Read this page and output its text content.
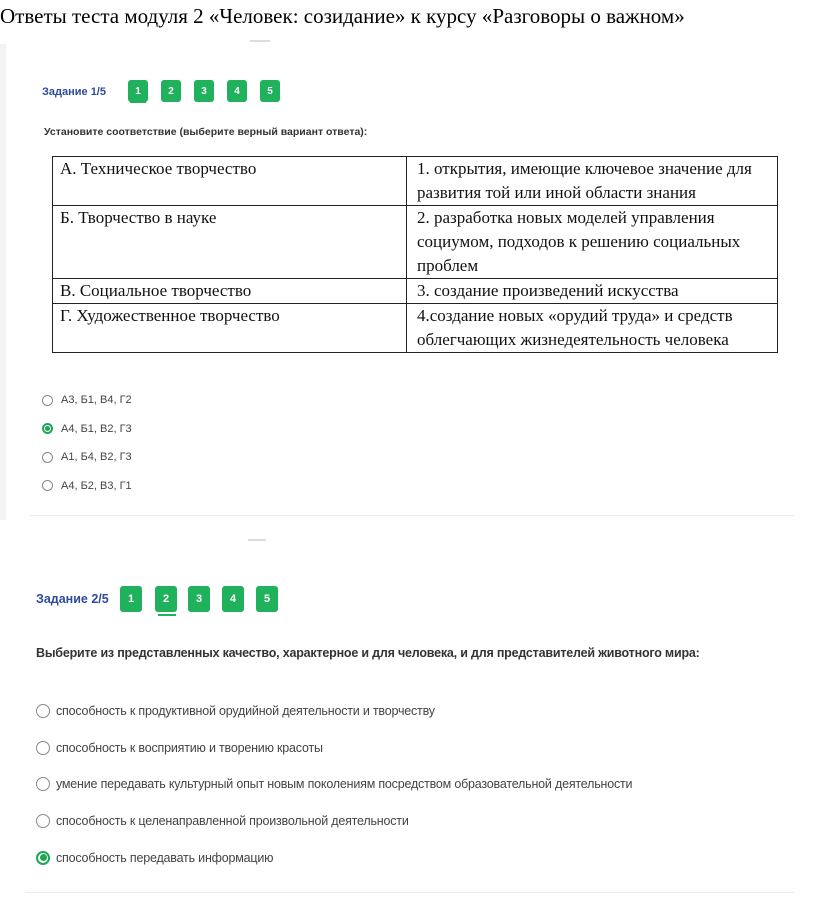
Ответы теста модуля 2 «Человек: созидание» к курсу «Разговоры о важном»
Задание 1/5	1	2	3	4	5
Установите соответствие (выберите верный вариант ответа):
А. Техническое творчество	1. открытия, имеющие ключевое значение для развития той или иной области знания
Б. Творчество в науке	2. разработка новых моделей управления социумом, подходов к решению социальных проблем
В. Социальное творчество	3. создание произведений искусства
Г. Художественное творчество	4.создание новых «орудий труда» и средств облегчающих жизнедеятельность человека
А3, Б1, В4, Г2
А4, Б1, В2, Г3
А1, Б4, В2, Г3
А4, Б2, В3, Г1
Задание 2/5	1	2	3	4	5
Выберите из представленных качество, характерное и для человека, и для представителей животного мира:
способность к продуктивной орудийной деятельности и творчеству
способность к восприятию и творению красоты
умение передавать культурный опыт новым поколениям посредством образовательной деятельности
способность к целенаправленной произвольной деятельности
способность передавать информацию
